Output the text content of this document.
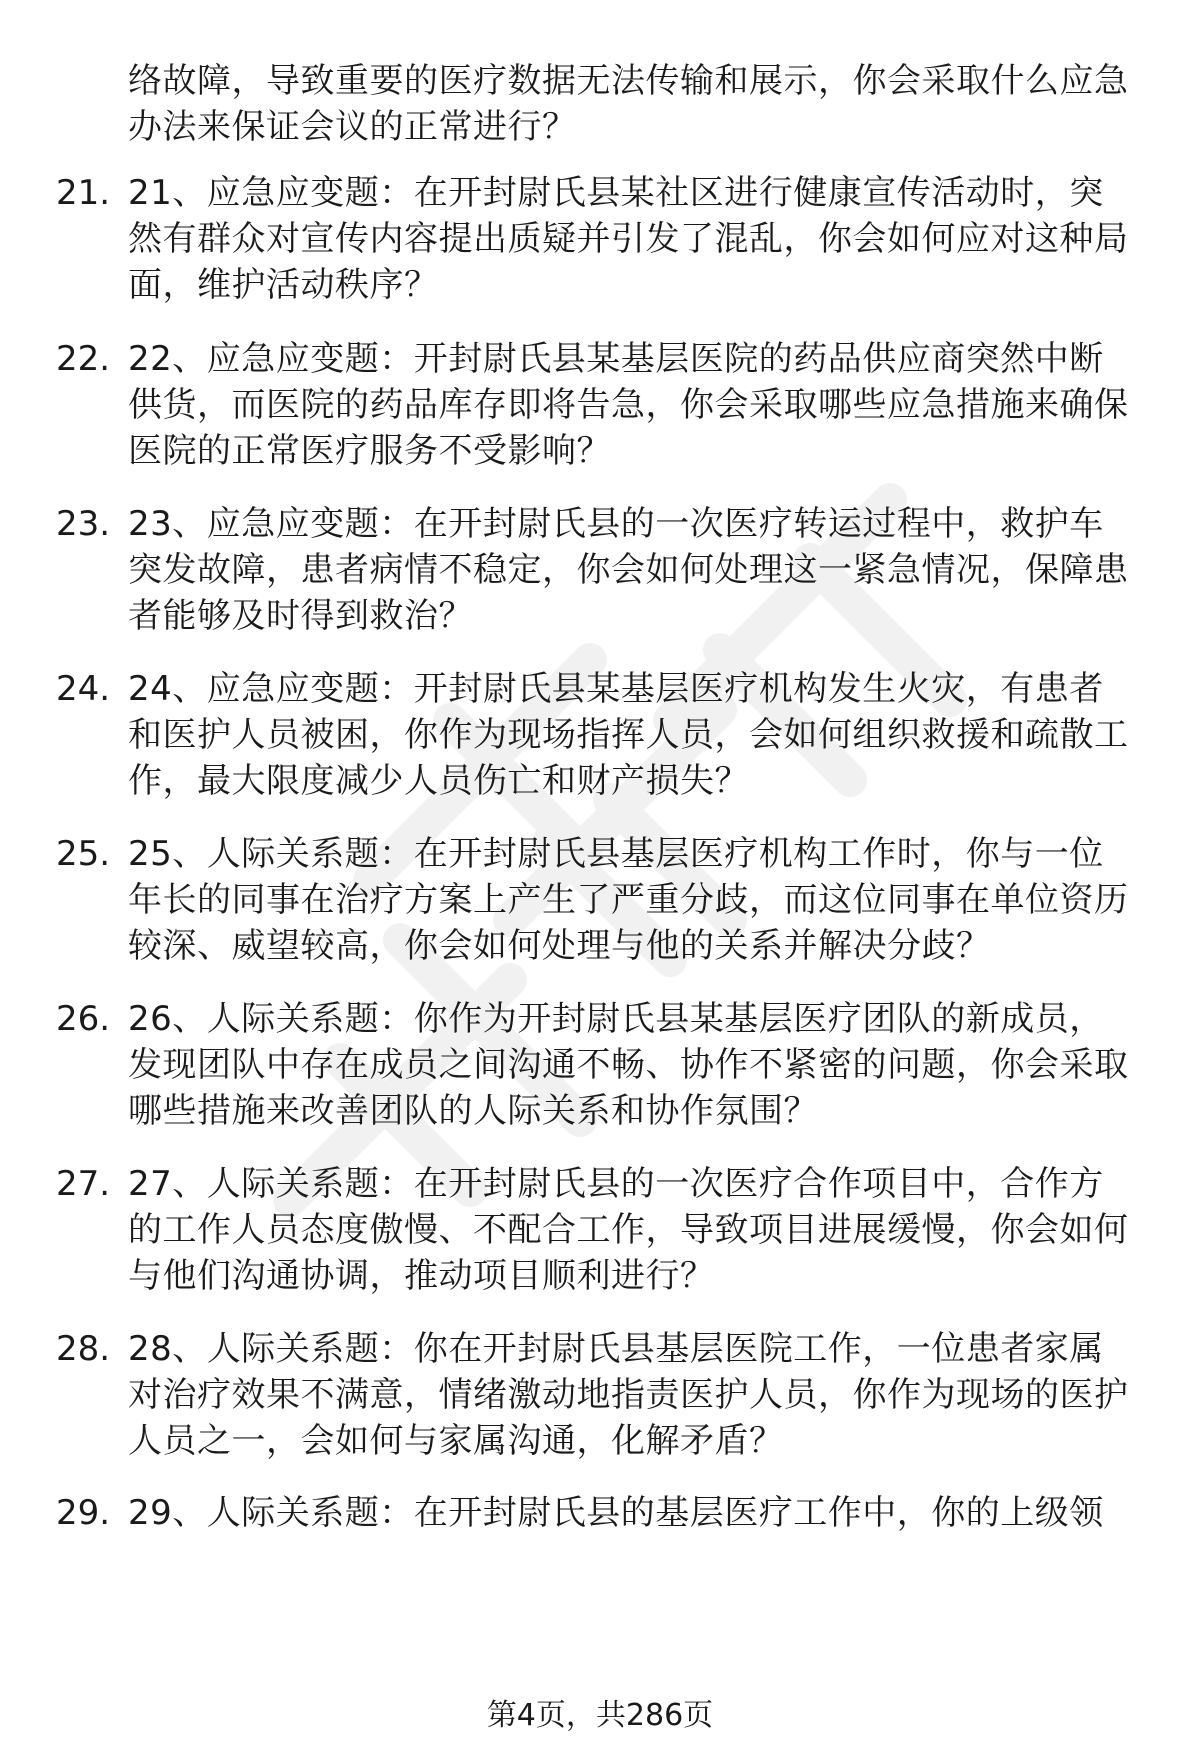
络故障，导致重要的医疗数据无法传输和展示，你会采取什么应急办法来保证会议的正常进行？

21. 21、应急应变题：在开封尉氏县某社区进行健康宣传活动时，突然有群众对宣传内容提出质疑并引发了混乱，你会如何应对这种局面，维护活动秩序？

22. 22、应急应变题：开封尉氏县某基层医院的药品供应商突然中断供货，而医院的药品库存即将告急，你会采取哪些应急措施来确保医院的正常医疗服务不受影响？

23. 23、应急应变题：在开封尉氏县的一次医疗转运过程中，救护车突发故障，患者病情不稳定，你会如何处理这一紧急情况，保障患者能够及时得到救治？

24. 24、应急应变题：开封尉氏县某基层医疗机构发生火灾，有患者和医护人员被困，你作为现场指挥人员，会如何组织救援和疏散工作，最大限度减少人员伤亡和财产损失？

25. 25、人际关系题：在开封尉氏县基层医疗机构工作时，你与一位年长的同事在治疗方案上产生了严重分歧，而这位同事在单位资历较深、威望较高，你会如何处理与他的关系并解决分歧？

26. 26、人际关系题：你作为开封尉氏县某基层医疗团队的新成员，发现团队中存在成员之间沟通不畅、协作不紧密的问题，你会采取哪些措施来改善团队的人际关系和协作氛围？

27. 27、人际关系题：在开封尉氏县的一次医疗合作项目中，合作方的工作人员态度傲慢、不配合工作，导致项目进展缓慢，你会如何与他们沟通协调，推动项目顺利进行？

28. 28、人际关系题：你在开封尉氏县基层医院工作，一位患者家属对治疗效果不满意，情绪激动地指责医护人员，你作为现场的医护人员之一，会如何与家属沟通，化解矛盾？

29. 29、人际关系题：在开封尉氏县的基层医疗工作中，你的上级领

第4页，共286页
